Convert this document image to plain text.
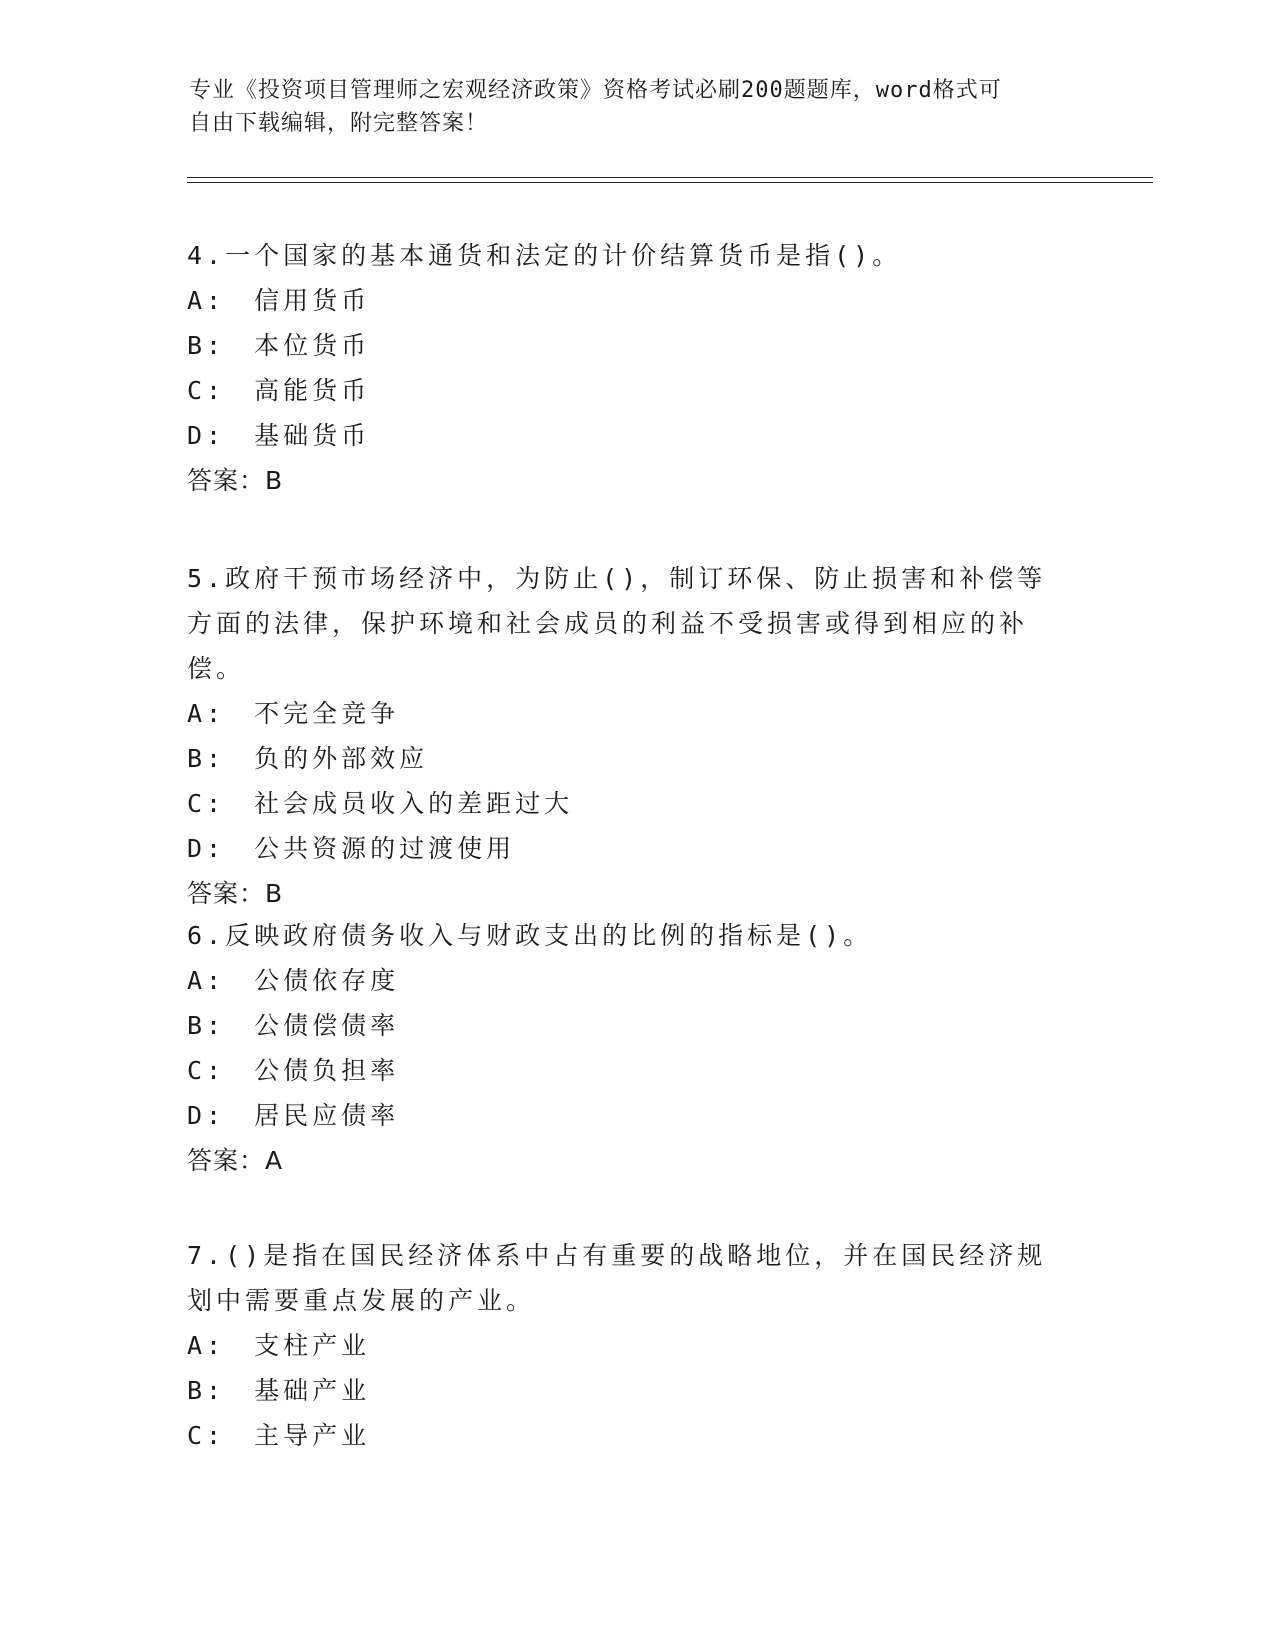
专业《投资项目管理师之宏观经济政策》资格考试必刷200题题库，word格式可
自由下载编辑，附完整答案！

4.一个国家的基本通货和法定的计价结算货币是指()。

A:　信用货币

B:　本位货币

C:　高能货币

D:　基础货币

答案：B

5.政府干预市场经济中，为防止()，制订环保、防止损害和补偿等方面的法律，保护环境和社会成员的利益不受损害或得到相应的补偿。

A:　不完全竞争

B:　负的外部效应

C:　社会成员收入的差距过大

D:　公共资源的过渡使用

答案：B

6.反映政府债务收入与财政支出的比例的指标是()。

A:　公债依存度

B:　公债偿债率

C:　公债负担率

D:　居民应债率

答案：A

7.()是指在国民经济体系中占有重要的战略地位，并在国民经济规划中需要重点发展的产业。

A:　支柱产业

B:　基础产业

C:　主导产业
